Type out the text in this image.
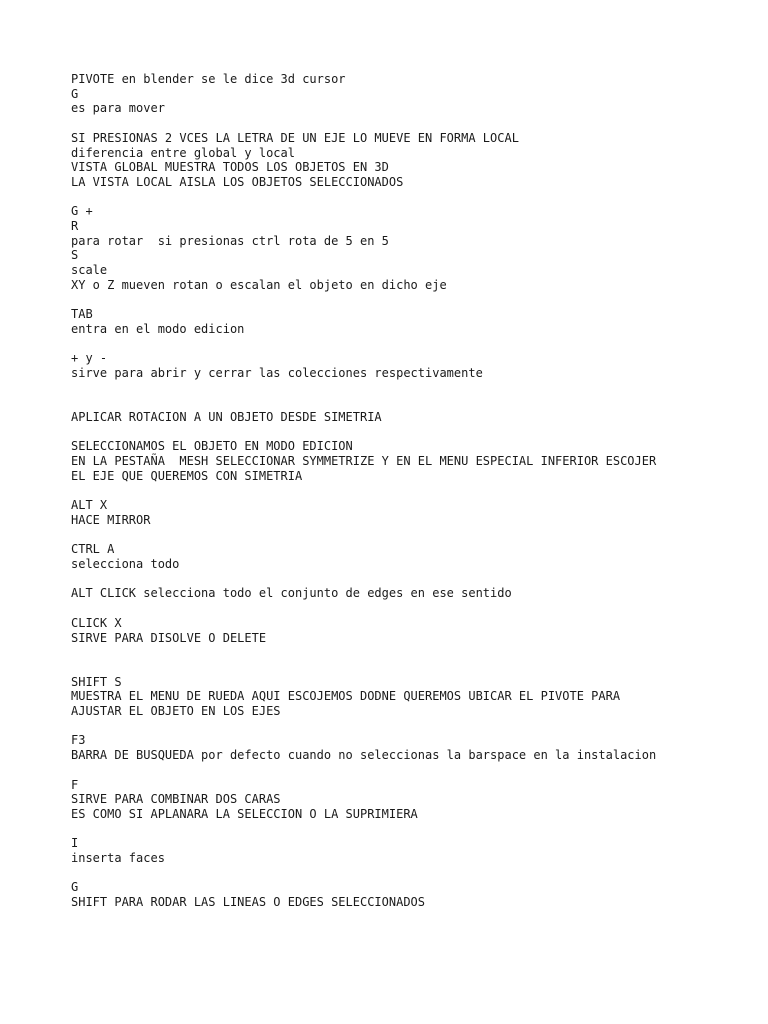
PIVOTE en blender se le dice 3d cursor
G
es para mover
SI PRESIONAS 2 VCES LA LETRA DE UN EJE LO MUEVE EN FORMA LOCAL
diferencia entre global y local
VISTA GLOBAL MUESTRA TODOS LOS OBJETOS EN 3D
LA VISTA LOCAL AISLA LOS OBJETOS SELECCIONADOS
G +
R
para rotar  si presionas ctrl rota de 5 en 5
S
scale
XY o Z mueven rotan o escalan el objeto en dicho eje
TAB
entra en el modo edicion
+ y -
sirve para abrir y cerrar las colecciones respectivamente
APLICAR ROTACION A UN OBJETO DESDE SIMETRIA
SELECCIONAMOS EL OBJETO EN MODO EDICION
EN LA PESTAÑA  MESH SELECCIONAR SYMMETRIZE Y EN EL MENU ESPECIAL INFERIOR ESCOJER
EL EJE QUE QUEREMOS CON SIMETRIA
ALT X
HACE MIRROR
CTRL A
selecciona todo
ALT CLICK selecciona todo el conjunto de edges en ese sentido
CLICK X
SIRVE PARA DISOLVE O DELETE
SHIFT S
MUESTRA EL MENU DE RUEDA AQUI ESCOJEMOS DODNE QUEREMOS UBICAR EL PIVOTE PARA
AJUSTAR EL OBJETO EN LOS EJES
F3
BARRA DE BUSQUEDA por defecto cuando no seleccionas la barspace en la instalacion
F
SIRVE PARA COMBINAR DOS CARAS
ES COMO SI APLANARA LA SELECCION O LA SUPRIMIERA
I
inserta faces
G
SHIFT PARA RODAR LAS LINEAS O EDGES SELECCIONADOS
